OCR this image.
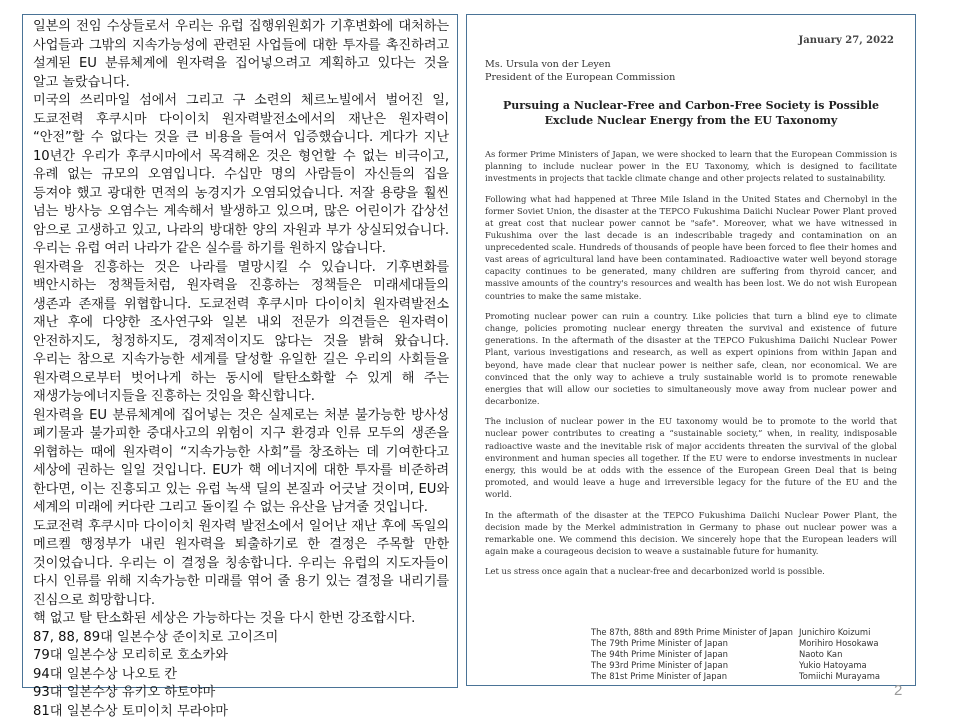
일본의 전임 수상들로서 우리는 유럽 집행위원회가 기후변화에 대처하는 사업들과 그밖의 지속가능성에 관련된 사업들에 대한 투자를 촉진하려고 설계된 EU 분류체계에 원자력을 집어넣으려고 계획하고 있다는 것을 알고 놀랐습니다.

미국의 쓰리마일 섬에서 그리고 구 소련의 체르노빌에서 벌어진 일, 도쿄전력 후쿠시마 다이이치 원자력발전소에서의 재난은 원자력이 “안전”할 수 없다는 것을 큰 비용을 들여서 입증했습니다. 게다가 지난 10년간 우리가 후쿠시마에서 목격해온 것은 형언할 수 없는 비극이고, 유례 없는 규모의 오염입니다. 수십만 명의 사람들이 자신들의 집을 등져야 했고 광대한 면적의 농경지가 오염되었습니다. 저잘 용량을 훨씬 넘는 방사능 오염수는 계속해서 발생하고 있으며, 많은 어린이가 갑상선 암으로 고생하고 있고, 나라의 방대한 양의 자원과 부가 상실되었습니다. 우리는 유럽 여러 나라가 같은 실수를 하기를 원하지 않습니다.

원자력을 진흥하는 것은 나라를 멸망시킬 수 있습니다. 기후변화를 백안시하는 정책들처럼, 원자력을 진흥하는 정책들은 미래세대들의 생존과 존재를 위협합니다. 도쿄전력 후쿠시마 다이이치 원자력발전소 재난 후에 다양한 조사연구와 일본 내외 전문가 의견들은 원자력이 안전하지도, 청정하지도, 경제적이지도 않다는 것을 밝혀 왔습니다. 우리는 참으로 지속가능한 세계를 달성할 유일한 길은 우리의 사회들을 원자력으로부터 벗어나게 하는 동시에 탈탄소화할 수 있게 해 주는 재생가능에너지들을 진흥하는 것임을 확신합니다.

원자력을 EU 분류체계에 집어넣는 것은 실제로는 처분 불가능한 방사성 폐기물과 불가피한 중대사고의 위험이 지구 환경과 인류 모두의 생존을 위협하는 때에 원자력이 “지속가능한 사회”를 창조하는 데 기여한다고 세상에 권하는 일일 것입니다. EU가 핵 에너지에 대한 투자를 비준하려 한다면, 이는 진흥되고 있는 유럽 녹색 딜의 본질과 어긋날 것이며, EU와 세계의 미래에 커다란 그리고 돌이킬 수 없는 유산을 남겨줄 것입니다.

도쿄전력 후쿠시마 다이이치 원자력 발전소에서 일어난 재난 후에 독일의 메르켈 행정부가 내린 원자력을 퇴출하기로 한 결정은 주목할 만한 것이었습니다. 우리는 이 결정을 칭송합니다. 우리는 유럽의 지도자들이 다시 인류를 위해 지속가능한 미래를 엮어 줄 용기 있는 결정을 내리기를 진심으로 희망합니다.

핵 없고 탈 탄소화된 세상은 가능하다는 것을 다시 한번 강조합시다.

87, 88, 89대 일본수상 준이치로 고이즈미

79대 일본수상 모리히로 호소카와

94대 일본수상 나오토 칸

93대 일본수상 유키오 하토야마

81대 일본수상 토미이치 무라야마

January 27, 2022
Ms. Ursula von der Leyen
President of the European Commission
Pursuing a Nuclear-Free and Carbon-Free Society is Possible
Exclude Nuclear Energy from the EU Taxonomy

As former Prime Ministers of Japan, we were shocked to learn that the European Commission is planning to include nuclear power in the EU Taxonomy, which is designed to facilitate investments in projects that tackle climate change and other projects related to sustainability.

Following what had happened at Three Mile Island in the United States and Chernobyl in the former Soviet Union, the disaster at the TEPCO Fukushima Daiichi Nuclear Power Plant proved at great cost that nuclear power cannot be "safe". Moreover, what we have witnessed in Fukushima over the last decade is an indescribable tragedy and contamination on an unprecedented scale. Hundreds of thousands of people have been forced to flee their homes and vast areas of agricultural land have been contaminated. Radioactive water well beyond storage capacity continues to be generated, many children are suffering from thyroid cancer, and massive amounts of the country's resources and wealth has been lost. We do not wish European countries to make the same mistake.

Promoting nuclear power can ruin a country. Like policies that turn a blind eye to climate change, policies promoting nuclear energy threaten the survival and existence of future generations. In the aftermath of the disaster at the TEPCO Fukushima Daiichi Nuclear Power Plant, various investigations and research, as well as expert opinions from within Japan and beyond, have made clear that nuclear power is neither safe, clean, nor economical. We are convinced that the only way to achieve a truly sustainable world is to promote renewable energies that will allow our societies to simultaneously move away from nuclear power and decarbonize.

The inclusion of nuclear power in the EU taxonomy would be to promote to the world that nuclear power contributes to creating a “sustainable society,” when, in reality, indisposable radioactive waste and the inevitable risk of major accidents threaten the survival of the global environment and human species all together. If the EU were to endorse investments in nuclear energy, this would be at odds with the essence of the European Green Deal that is being promoted, and would leave a huge and irreversible legacy for the future of the EU and the world.

In the aftermath of the disaster at the TEPCO Fukushima Daiichi Nuclear Power Plant, the decision made by the Merkel administration in Germany to phase out nuclear power was a remarkable one. We commend this decision. We sincerely hope that the European leaders will again make a courageous decision to weave a sustainable future for humanity.

Let us stress once again that a nuclear-free and decarbonized world is possible.

The 87th, 88th and 89th Prime Minister of Japan Junichiro Koizumi
The 79th Prime Minister of Japan	Morihiro Hosokawa
The 94th Prime Minister of Japan	Naoto Kan
The 93rd Prime Minister of Japan	Yukio Hatoyama
The 81st Prime Minister of Japan	Tomiichi Murayama
2
